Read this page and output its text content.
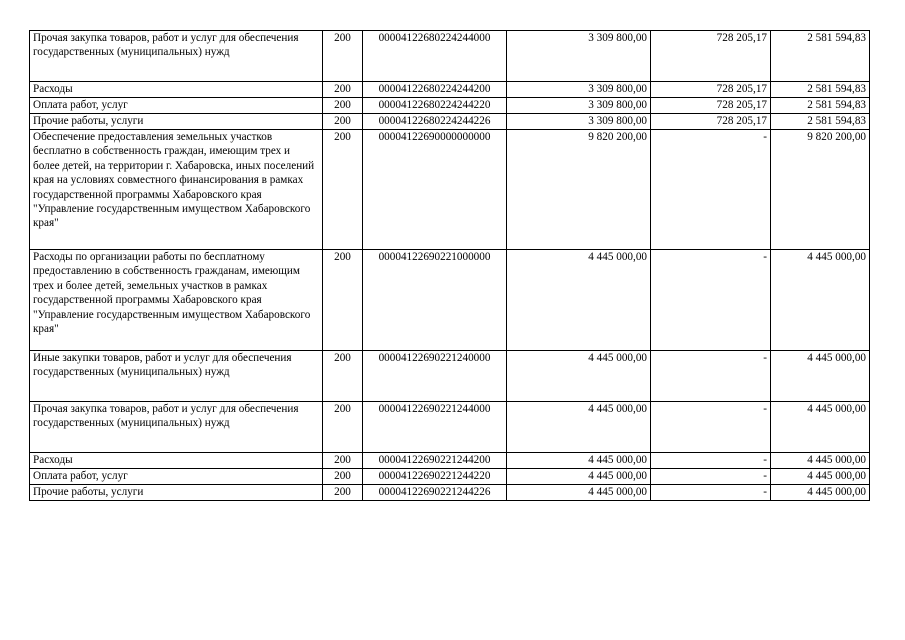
Прочая закупка товаров, работ и услуг для обеспечения государственных (муниципальных) нужд	200	00004122680224244000	3 309 800,00	728 205,17	2 581 594,83
Расходы	200	00004122680224244200	3 309 800,00	728 205,17	2 581 594,83
Оплата работ, услуг	200	00004122680224244220	3 309 800,00	728 205,17	2 581 594,83
Прочие работы, услуги	200	00004122680224244226	3 309 800,00	728 205,17	2 581 594,83
Обеспечение предоставления земельных участков бесплатно в собственность граждан, имеющим трех и более детей, на территории г. Хабаровска, иных поселений края на условиях совместного финансирования в рамках государственной программы Хабаровского края "Управление государственным имуществом Хабаровского края"	200	00004122690000000000	9 820 200,00	-	9 820 200,00
Расходы по организации работы по бесплатному предоставлению в собственность гражданам, имеющим трех и более детей, земельных участков в рамках государственной программы Хабаровского края "Управление государственным имуществом Хабаровского края"	200	00004122690221000000	4 445 000,00	-	4 445 000,00
Иные закупки товаров, работ и услуг для обеспечения государственных (муниципальных) нужд	200	00004122690221240000	4 445 000,00	-	4 445 000,00
Прочая закупка товаров, работ и услуг для обеспечения государственных (муниципальных) нужд	200	00004122690221244000	4 445 000,00	-	4 445 000,00
Расходы	200	00004122690221244200	4 445 000,00	-	4 445 000,00
Оплата работ, услуг	200	00004122690221244220	4 445 000,00	-	4 445 000,00
Прочие работы, услуги	200	00004122690221244226	4 445 000,00	-	4 445 000,00
